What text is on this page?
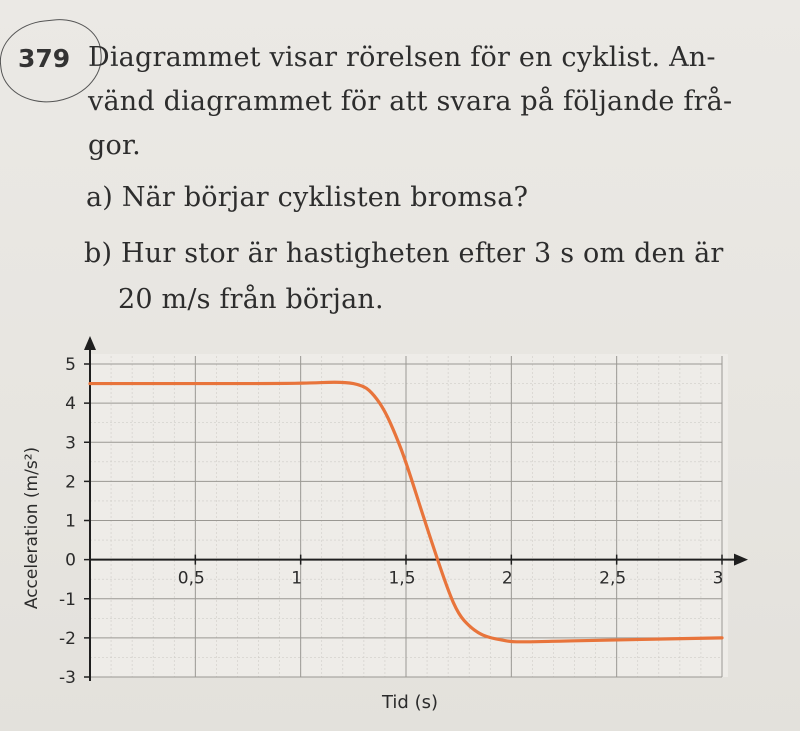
379 Diagrammet visar rörelsen för en cyklist. An-
vänd diagrammet för att svara på följande frå-
gor.
a) När börjar cyklisten bromsa?
b) Hur stor är hastigheten efter 3 s om den är
20 m/s från början.
5
4
3
2
1
0
-1
-2
-3
0,5	1	1,5	2	2,5	3
Tid (s)
Acceleration (m/s²)
